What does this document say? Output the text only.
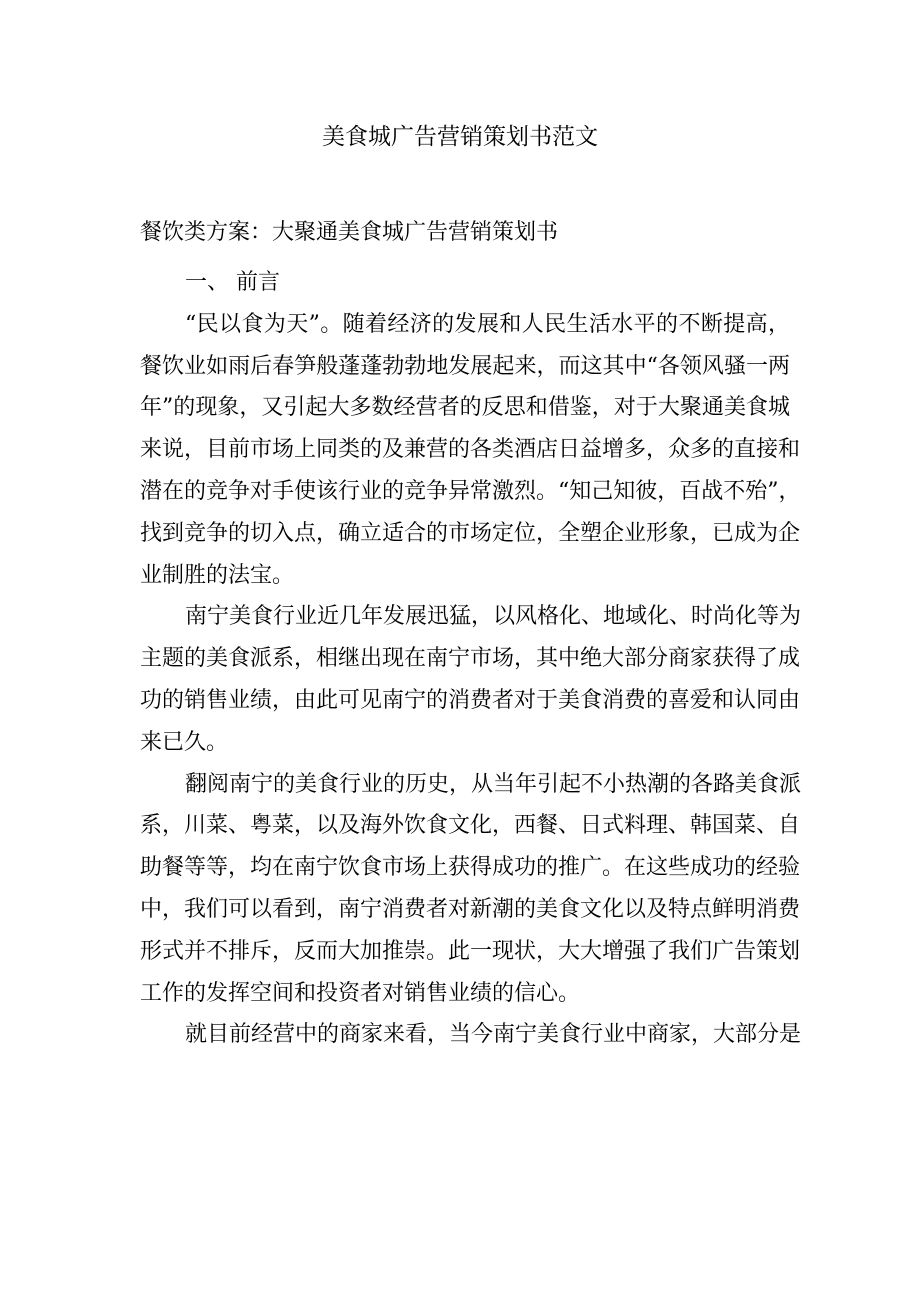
美食城广告营销策划书范文
餐饮类方案：大聚通美食城广告营销策划书
一、 前言
“民以食为天”。随着经济的发展和人民生活水平的不断提高，
餐饮业如雨后春笋般蓬蓬勃勃地发展起来，而这其中“各领风骚一两
年”的现象，又引起大多数经营者的反思和借鉴，对于大聚通美食城
来说，目前市场上同类的及兼营的各类酒店日益增多，众多的直接和
潜在的竞争对手使该行业的竞争异常激烈。“知己知彼，百战不殆”，
找到竞争的切入点，确立适合的市场定位，全塑企业形象，已成为企
业制胜的法宝。
南宁美食行业近几年发展迅猛，以风格化、地域化、时尚化等为
主题的美食派系，相继出现在南宁市场，其中绝大部分商家获得了成
功的销售业绩，由此可见南宁的消费者对于美食消费的喜爱和认同由
来已久。
翻阅南宁的美食行业的历史，从当年引起不小热潮的各路美食派
系，川菜、粤菜，以及海外饮食文化，西餐、日式料理、韩国菜、自
助餐等等，均在南宁饮食市场上获得成功的推广。在这些成功的经验
中，我们可以看到，南宁消费者对新潮的美食文化以及特点鲜明消费
形式并不排斥，反而大加推崇。此一现状，大大增强了我们广告策划
工作的发挥空间和投资者对销售业绩的信心。
就目前经营中的商家来看，当今南宁美食行业中商家，大部分是
